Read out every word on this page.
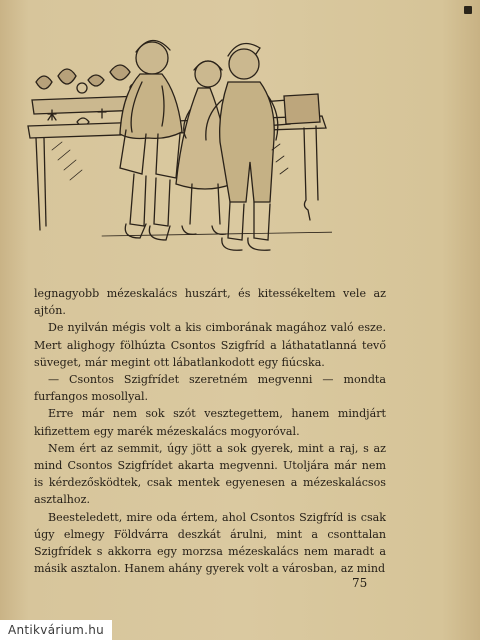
legnagyobb mézeskalács huszárt, és kitessékeltem vele az ajtón.

De nyilván mégis volt a kis cimborának magához való esze. Mert alighogy fölhúzta Csontos Szigfríd a láthatatlanná tevő süveget, már megint ott lábatlankodott egy fiúcska.

— Csontos Szigfrídet szeretném megvenni — mondta furfangos mosollyal.

Erre már nem sok szót vesztegettem, hanem mindjárt kifizettem egy marék mézeskalács mogyoróval.

Nem ért az semmit, úgy jött a sok gyerek, mint a raj, s az mind Csontos Szigfrídet akarta megvenni. Utoljára már nem is kérdezősködtek, csak mentek egyenesen a mézeskalácsos asztalhoz.

Beesteledett, mire oda értem, ahol Csontos Szigfríd is csak úgy elmegy Földvárra deszkát árulni, mint a csonttalan Szigfrídek s akkorra egy morzsa mézeskalács nem maradt a másik asztalon. Hanem ahány gyerek volt a városban, az mind

75
Antikvárium.hu
